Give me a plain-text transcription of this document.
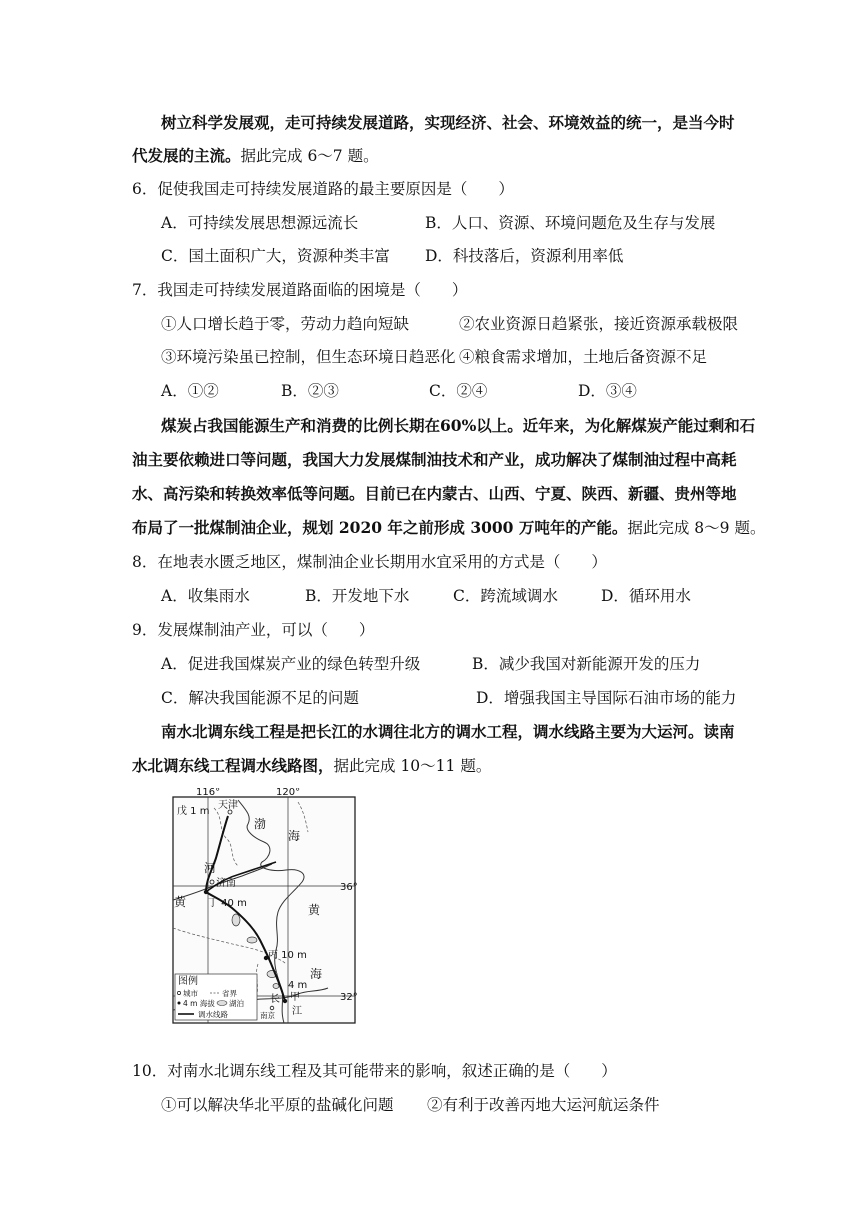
树立科学发展观，走可持续发展道路，实现经济、社会、环境效益的统一，是当今时
代发展的主流。据此完成 6～7 题。
6．促使我国走可持续发展道路的最主要原因是（　　）
A．可持续发展思想源远流长	B．人口、资源、环境问题危及生存与发展
C．国土面积广大，资源种类丰富 D．科技落后，资源利用率低
7．我国走可持续发展道路面临的困境是（　　）
①人口增长趋于零，劳动力趋向短缺	②农业资源日趋紧张，接近资源承载极限
③环境污染虽已控制，但生态环境日趋恶化 ④粮食需求增加，土地后备资源不足
A．①②	B．②③	C．②④	D．③④
煤炭占我国能源生产和消费的比例长期在60%以上。近年来，为化解煤炭产能过剩和石
油主要依赖进口等问题，我国大力发展煤制油技术和产业，成功解决了煤制油过程中高耗
水、高污染和转换效率低等问题。目前已在内蒙古、山西、宁夏、陕西、新疆、贵州等地
布局了一批煤制油企业，规划 2020 年之前形成 3000 万吨年的产能。据此完成 8～9 题。
8．在地表水匮乏地区，煤制油企业长期用水宜采用的方式是（　　）
A．收集雨水	B．开发地下水	C．跨流域调水	D．循环用水
9．发展煤制油产业，可以（　　）
A．促进我国煤炭产业的绿色转型升级	B．减少我国对新能源开发的压力
C．解决我国能源不足的问题	D．增强我国主导国际石油市场的能力
南水北调东线工程是把长江的水调往北方的调水工程，调水线路主要为大运河。读南
水北调东线工程调水线路图，据此完成 10～11 题。
116°	120°
36°
32°
天津
戊 1 m
渤
海
河
济南
黄 丁 40 m	黄
海
丙 10 m
4 m
甲
长
江
南京
图例
城市	省界
4 m 海拔 湖泊
调水线路
10．对南水北调东线工程及其可能带来的影响，叙述正确的是（　　）
①可以解决华北平原的盐碱化问题 ②有利于改善丙地大运河航运条件
